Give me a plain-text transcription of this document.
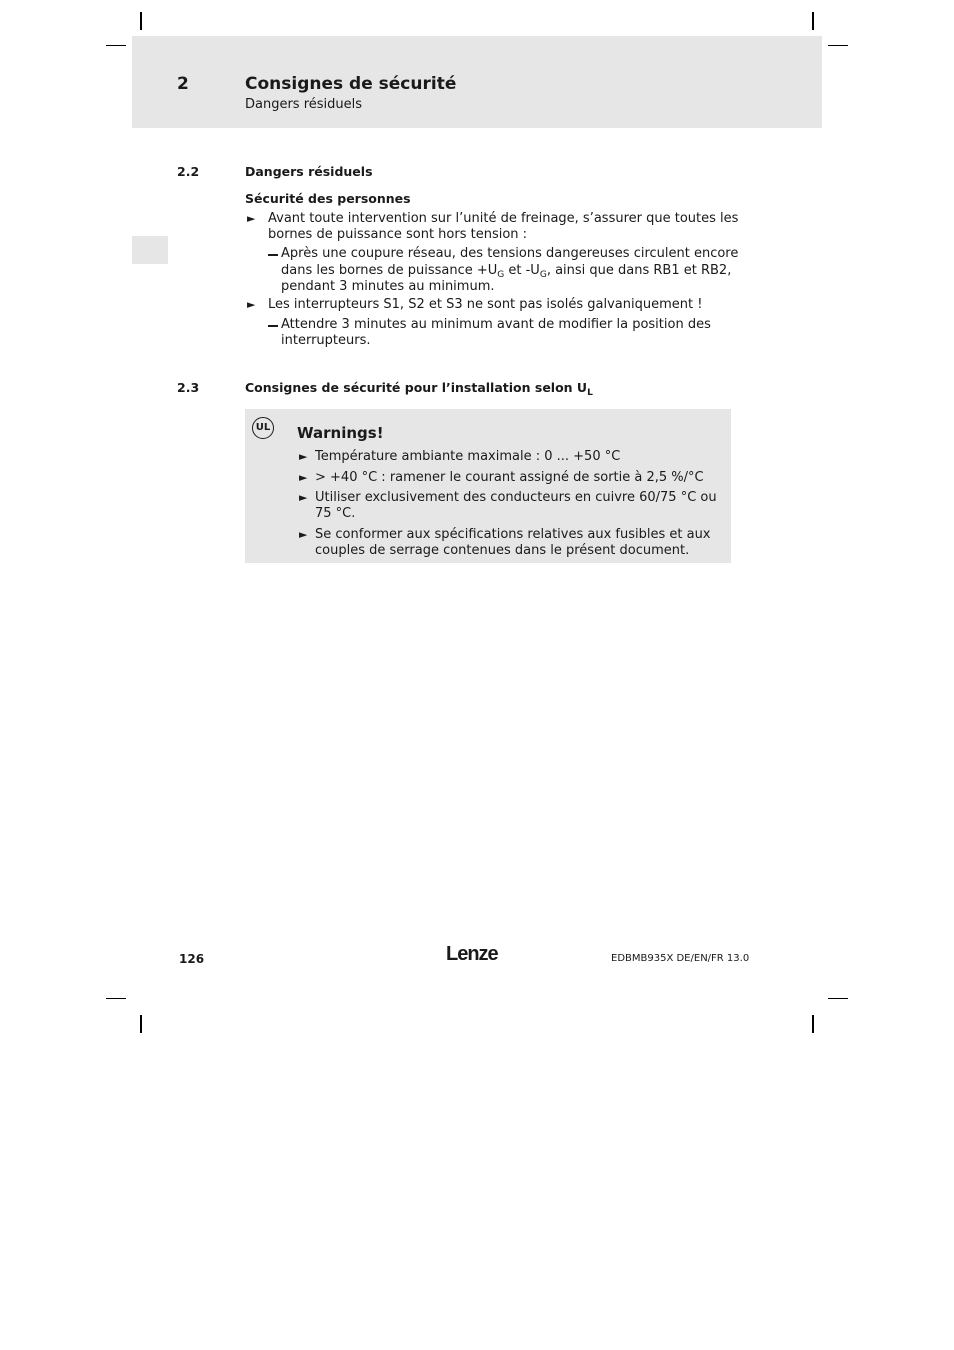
2	Consignes de sécurité
Dangers résiduels
2.2	Dangers résiduels
Sécurité des personnes
► Avant toute intervention sur l’unité de freinage, s’assurer que toutes les
bornes de puissance sont hors tension :
Après une coupure réseau, des tensions dangereuses circulent encore
dans les bornes de puissance $+U_G$ et $-U_G$, ainsi que dans RB1 et RB2,
pendant 3 minutes au minimum.
► Les interrupteurs S1, S2 et S3 ne sont pas isolés galvaniquement !
Attendre 3 minutes au minimum avant de modifier la position des
interrupteurs.
2.3	Consignes de sécurité pour l’installation selon $U_L$
UL Warnings!
► Température ambiante maximale : 0 ... +50 °C
► > +40 °C : ramener le courant assigné de sortie à 2,5 %/°C
► Utiliser exclusivement des conducteurs en cuivre 60/75 °C ou
75 °C.
► Se conformer aux spécifications relatives aux fusibles et aux
couples de serrage contenues dans le présent document.
126	Lenze	EDBMB935X DE/EN/FR 13.0
